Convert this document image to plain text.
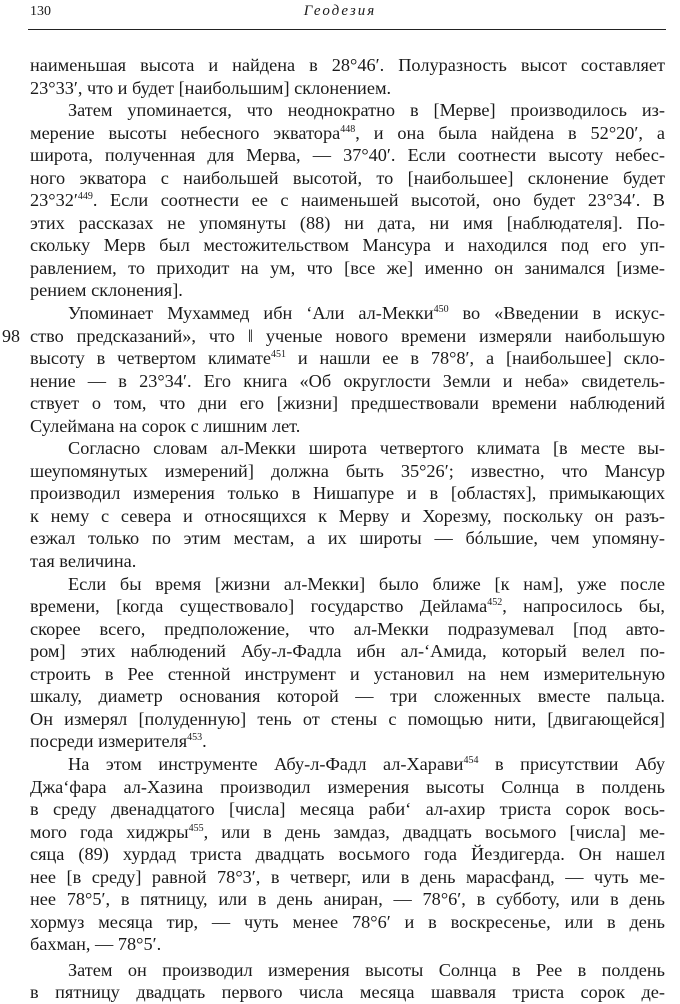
130	Геодезия
наименьшая высота и найдена в 28°46′. Полуразность высот составляет
23°33′, что и будет [наибольшим] склонением.
Затем упоминается, что неоднократно в [Мерве] производилось из-
мерение высоты небесного экватора$^{448}$, и она была найдена в 52°20′, а
широта, полученная для Мерва, — 37°40′. Если соотнести высоту небес-
ного экватора с наибольшей высотой, то [наибольшее] склонение будет
$23^\circ 32'^{449}$. Если соотнести ее с наименьшей высотой, оно будет 23°34′. В
этих рассказах не упомянуты (88) ни дата, ни имя [наблюдателя]. По-
скольку Мерв был местожительством Мансура и находился под его уп-
равлением, то приходит на ум, что [все же] именно он занимался [изме-
рением склонения].
Упоминает Мухаммед ибн ‘Али ал-Мекки$^{450}$ во «Введении в искус-
98 ство предсказаний», что ‖ ученые нового времени измеряли наибольшую
высоту в четвертом климате$^{451}$ и нашли ее в 78°8′, а [наибольшее] скло-
нение — в 23°34′. Его книга «Об округлости Земли и неба» свидетель-
ствует о том, что дни его [жизни] предшествовали времени наблюдений
Сулеймана на сорок с лишним лет.
Согласно словам ал-Мекки широта четвертого климата [в месте вы-
шеупомянутых измерений] должна быть 35°26′; известно, что Мансур
производил измерения только в Нишапуре и в [областях], примыкающих
к нему с севера и относящихся к Мерву и Хорезму, поскольку он разъ-
езжал только по этим местам, а их широты — бóльшие, чем упомяну-
тая величина.
Если бы время [жизни ал-Мекки] было ближе [к нам], уже после
времени, [когда существовало] государство Дейлама$^{452}$, напросилось бы,
скорее всего, предположение, что ал-Мекки подразумевал [под авто-
ром] этих наблюдений Абу-л-Фадла ибн ал-‘Амида, который велел по-
строить в Рее стенной инструмент и установил на нем измерительную
шкалу, диаметр основания которой — три сложенных вместе пальца.
Он измерял [полуденную] тень от стены с помощью нити, [двигающейся]
посреди измерителя$^{453}$.
На этом инструменте Абу-л-Фадл ал-Харави$^{454}$ в присутствии Абу
Джа‘фара ал-Хазина производил измерения высоты Солнца в полдень
в среду двенадцатого [числа] месяца раби‘ ал-ахир триста сорок вось-
мого года хиджры$^{455}$, или в день замдаз, двадцать восьмого [числа] ме-
сяца (89) хурдад триста двадцать восьмого года Йездигерда. Он нашел
нее [в среду] равной 78°3′, в четверг, или в день марасфанд, — чуть ме-
нее 78°5′, в пятницу, или в день аниран, — 78°6′, в субботу, или в день
хормуз месяца тир, — чуть менее 78°6′ и в воскресенье, или в день
бахман, — 78°5′.
Затем он производил измерения высоты Солнца в Рее в полдень
в пятницу двадцать первого числа месяца шавваля триста сорок де-
